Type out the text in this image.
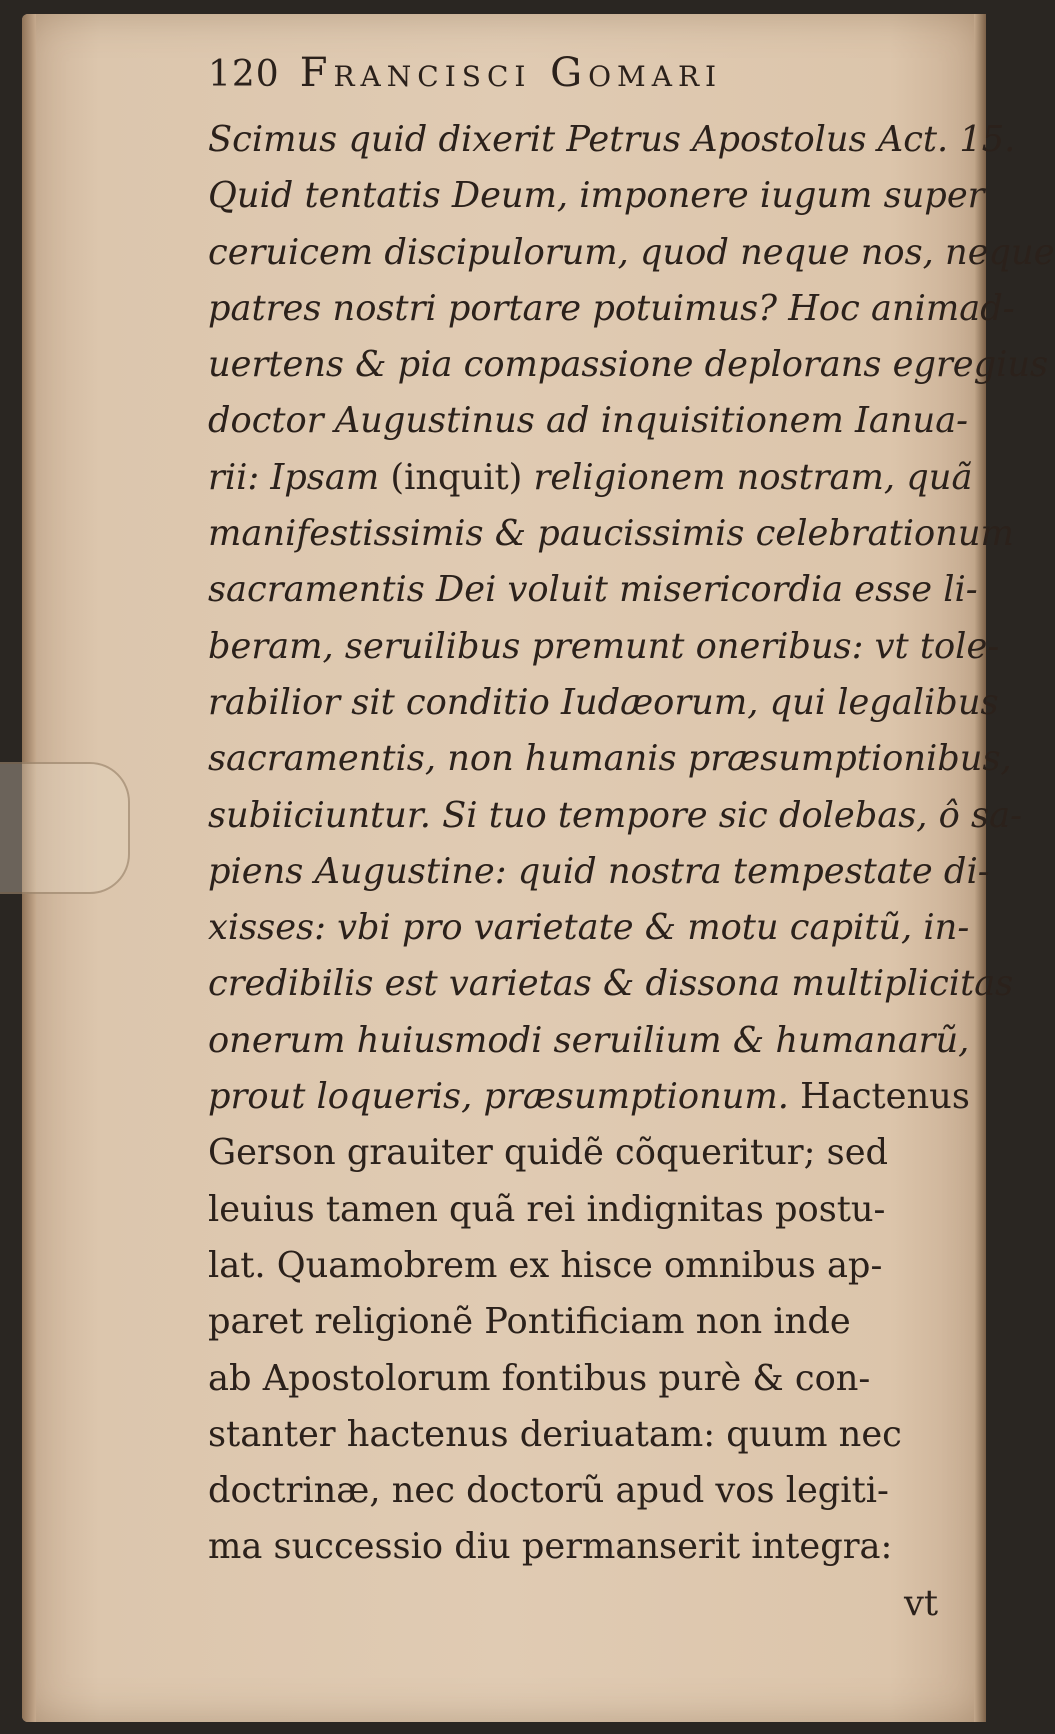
120 Francisci Gomari
Scimus quid dixerit Petrus Apostolus Act. 15.
Quid tentatis Deum, imponere iugum super
ceruicem discipulorum, quod neque nos, neque
patres nostri portare potuimus? Hoc animad-
uertens & pia compassione deplorans egregius
doctor Augustinus ad inquisitionem Ianua-
rii: Ipsam (inquit) religionem nostram, quã
manifestissimis & paucissimis celebrationum
sacramentis Dei voluit misericordia esse li-
beram, seruilibus premunt oneribus: vt tole-
rabilior sit conditio Iudæorum, qui legalibus
sacramentis, non humanis præsumptionibus,
subiiciuntur. Si tuo tempore sic dolebas, ô sa-
piens Augustine: quid nostra tempestate di-
xisses: vbi pro varietate & motu capitũ, in-
credibilis est varietas & dissona multiplicitas
onerum huiusmodi seruilium & humanarũ,
prout loqueris, præsumptionum. Hactenus
Gerson grauiter quidẽ cõqueritur; sed
leuius tamen quã rei indignitas postu-
lat. Quamobrem ex hisce omnibus ap-
paret religionẽ Pontificiam non inde
ab Apostolorum fontibus purè & con-
stanter hactenus deriuatam: quum nec
doctrinæ, nec doctorũ apud vos legiti-
ma successio diu permanserit integra:
vt
